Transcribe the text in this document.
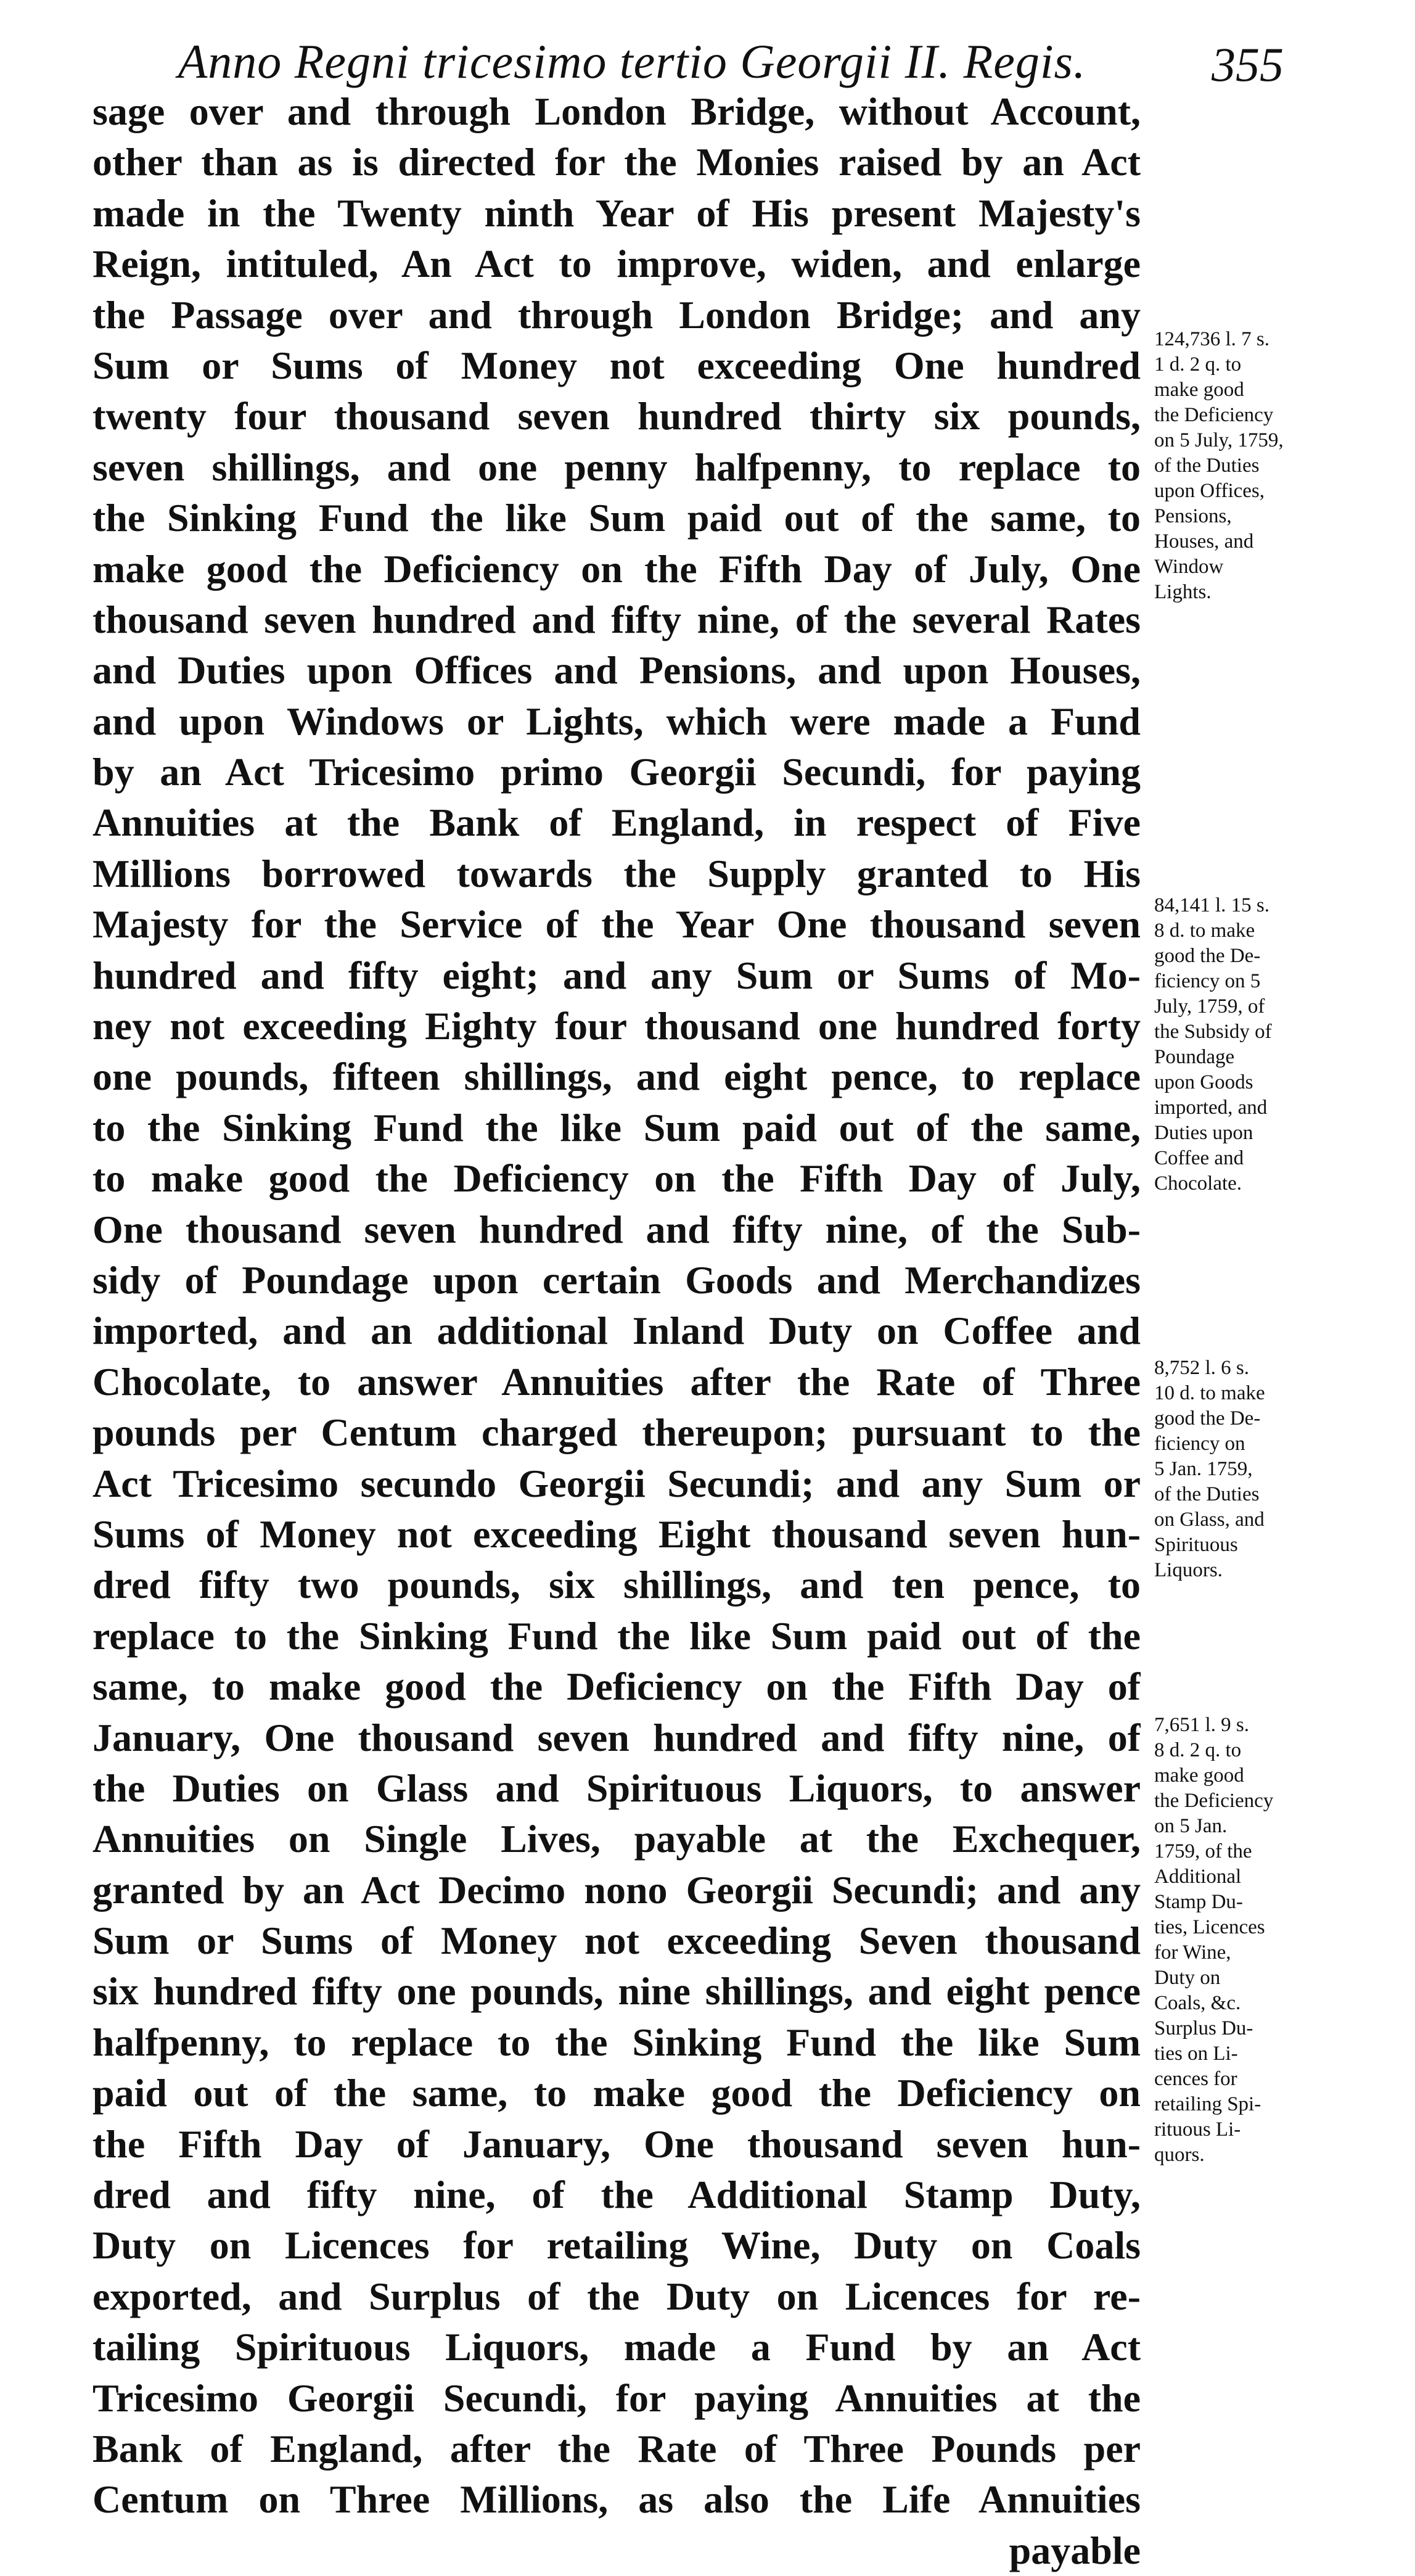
Anno Regni tricesimo tertio Georgii II. Regis.	355
sage over and through London Bridge, without Account,
other than as is directed for the Monies raised by an Act
made in the Twenty ninth Year of His present Majesty's
Reign, intituled, An Act to improve, widen, and enlarge
the Passage over and through London Bridge; and any
Sum or Sums of Money not exceeding One hundred
twenty four thousand seven hundred thirty six pounds,
seven shillings, and one penny halfpenny, to replace to
the Sinking Fund the like Sum paid out of the same, to
make good the Deficiency on the Fifth Day of July, One
thousand seven hundred and fifty nine, of the several Rates
and Duties upon Offices and Pensions, and upon Houses,
and upon Windows or Lights, which were made a Fund
by an Act Tricesimo primo Georgii Secundi, for paying
Annuities at the Bank of England, in respect of Five
Millions borrowed towards the Supply granted to His
Majesty for the Service of the Year One thousand seven
hundred and fifty eight; and any Sum or Sums of Mo-
ney not exceeding Eighty four thousand one hundred forty
one pounds, fifteen shillings, and eight pence, to replace
to the Sinking Fund the like Sum paid out of the same,
to make good the Deficiency on the Fifth Day of July,
One thousand seven hundred and fifty nine, of the Sub-
sidy of Poundage upon certain Goods and Merchandizes
imported, and an additional Inland Duty on Coffee and
Chocolate, to answer Annuities after the Rate of Three
pounds per Centum charged thereupon; pursuant to the
Act Tricesimo secundo Georgii Secundi; and any Sum or
Sums of Money not exceeding Eight thousand seven hun-
dred fifty two pounds, six shillings, and ten pence, to
replace to the Sinking Fund the like Sum paid out of the
same, to make good the Deficiency on the Fifth Day of
January, One thousand seven hundred and fifty nine, of
the Duties on Glass and Spirituous Liquors, to answer
Annuities on Single Lives, payable at the Exchequer,
granted by an Act Decimo nono Georgii Secundi; and any
Sum or Sums of Money not exceeding Seven thousand
six hundred fifty one pounds, nine shillings, and eight pence
halfpenny, to replace to the Sinking Fund the like Sum
paid out of the same, to make good the Deficiency on
the Fifth Day of January, One thousand seven hun-
dred and fifty nine, of the Additional Stamp Duty,
Duty on Licences for retailing Wine, Duty on Coals
exported, and Surplus of the Duty on Licences for re-
tailing Spirituous Liquors, made a Fund by an Act
Tricesimo Georgii Secundi, for paying Annuities at the
Bank of England, after the Rate of Three Pounds per
Centum on Three Millions, as also the Life Annuities
payable
124,736 l. 7 s.
1 d. 2 q. to
make good
the Deficiency
on 5 July, 1759,
of the Duties
upon Offices,
Pensions,
Houses, and
Window
Lights.
84,141 l. 15 s.
8 d. to make
good the De-
ficiency on 5
July, 1759, of
the Subsidy of
Poundage
upon Goods
imported, and
Duties upon
Coffee and
Chocolate.
8,752 l. 6 s.
10 d. to make
good the De-
ficiency on
5 Jan. 1759,
of the Duties
on Glass, and
Spirituous
Liquors.
7,651 l. 9 s.
8 d. 2 q. to
make good
the Deficiency
on 5 Jan.
1759, of the
Additional
Stamp Du-
ties, Licences
for Wine,
Duty on
Coals, &c.
Surplus Du-
ties on Li-
cences for
retailing Spi-
rituous Li-
quors.
